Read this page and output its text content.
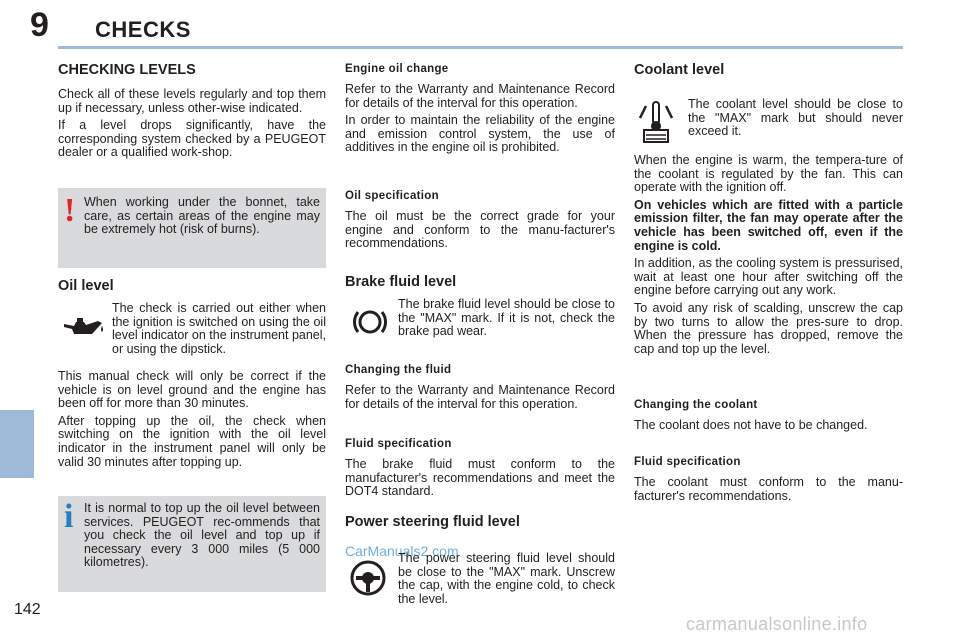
9 CHECKS
142
CHECKING LEVELS

Check all of these levels regularly and top them up if necessary, unless other-wise indicated.

If a level drops significantly, have the corresponding system checked by a PEUGEOT dealer or a qualified work-shop.

! When working under the bonnet, take care, as certain areas of the engine may be extremely hot (risk of burns).

Oil level

The check is carried out either when the ignition is switched on using the oil level indicator on the instrument panel, or using the dipstick.

This manual check will only be correct if the vehicle is on level ground and the engine has been off for more than 30 minutes.

After topping up the oil, the check when switching on the ignition with the oil level indicator in the instrument panel will only be valid 30 minutes after topping up.

i It is normal to top up the oil level between services. PEUGEOT rec-ommends that you check the oil level and top up if necessary every 3 000 miles (5 000 kilometres).

Engine oil change

Refer to the Warranty and Maintenance Record for details of the interval for this operation.

In order to maintain the reliability of the engine and emission control system, the use of additives in the engine oil is prohibited.

Oil specification

The oil must be the correct grade for your engine and conform to the manu-facturer's recommendations.

Brake fluid level

The brake fluid level should be close to the "MAX" mark. If it is not, check the brake pad wear.

Changing the fluid

Refer to the Warranty and Maintenance Record for details of the interval for this operation.

Fluid specification

The brake fluid must conform to the manufacturer's recommendations and meet the DOT4 standard.

Power steering fluid level
CarManuals2.com

The power steering fluid level should be close to the "MAX" mark. Unscrew the cap, with the engine cold, to check the level.

Coolant level

The coolant level should be close to the "MAX" mark but should never exceed it.

When the engine is warm, the tempera-ture of the coolant is regulated by the fan. This can operate with the ignition off.

On vehicles which are fitted with a particle emission filter, the fan may operate after the vehicle has been switched off, even if the engine is cold.

In addition, as the cooling system is pressurised, wait at least one hour after switching off the engine before carrying out any work.

To avoid any risk of scalding, unscrew the cap by two turns to allow the pres-sure to drop. When the pressure has dropped, remove the cap and top up the level.

Changing the coolant

The coolant does not have to be changed.

Fluid specification

The coolant must conform to the manu-facturer's recommendations.

carmanualsonline.info
